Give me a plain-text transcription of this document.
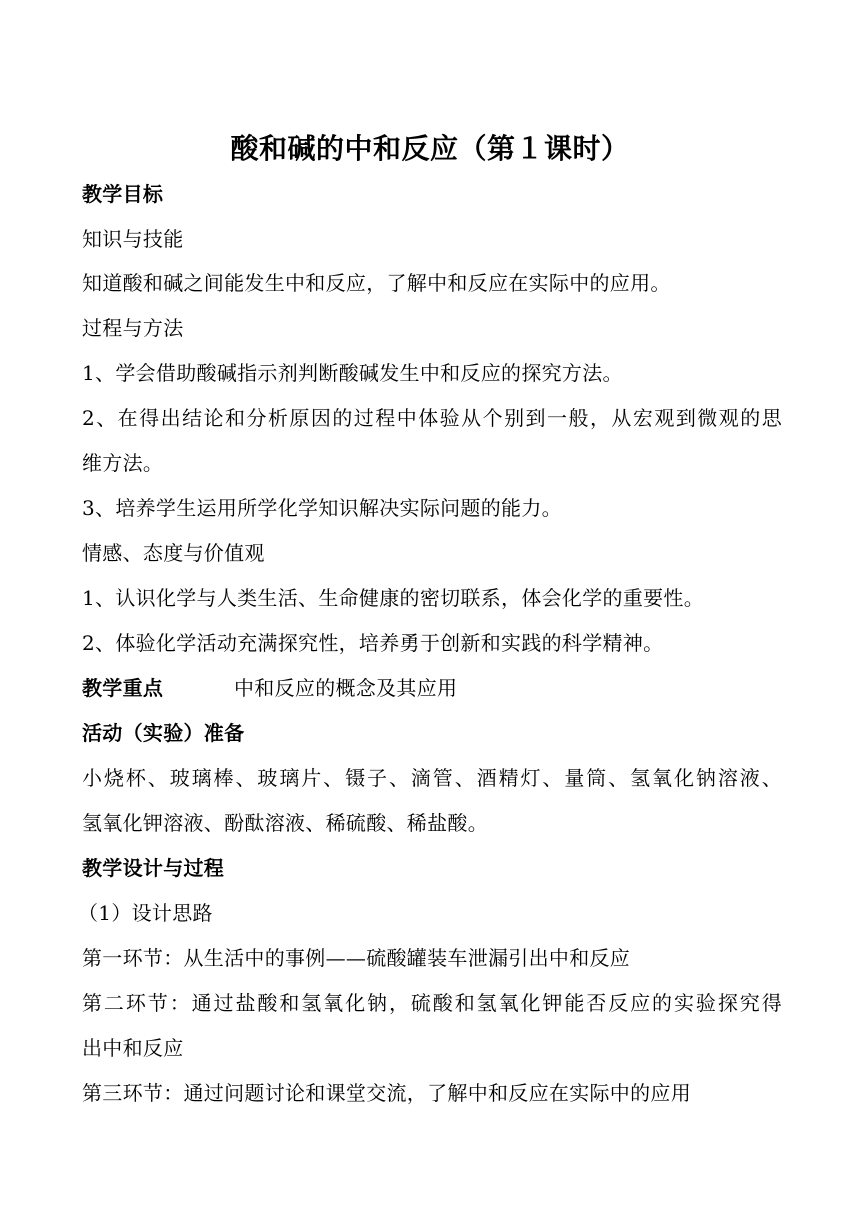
酸和碱的中和反应（第１课时）
教学目标
知识与技能
知道酸和碱之间能发生中和反应，了解中和反应在实际中的应用。
过程与方法
1、学会借助酸碱指示剂判断酸碱发生中和反应的探究方法。
2、在得出结论和分析原因的过程中体验从个别到一般，从宏观到微观的思
维方法。
3、培养学生运用所学化学知识解决实际问题的能力。
情感、态度与价值观
1、认识化学与人类生活、生命健康的密切联系，体会化学的重要性。
2、体验化学活动充满探究性，培养勇于创新和实践的科学精神。
教学重点	中和反应的概念及其应用
活动（实验）准备
小烧杯、玻璃棒、玻璃片、镊子、滴管、酒精灯、量筒、氢氧化钠溶液、
氢氧化钾溶液、酚酞溶液、稀硫酸、稀盐酸。
教学设计与过程
（1）设计思路
第一环节：从生活中的事例——硫酸罐装车泄漏引出中和反应
第二环节：通过盐酸和氢氧化钠，硫酸和氢氧化钾能否反应的实验探究得
出中和反应
第三环节：通过问题讨论和课堂交流，了解中和反应在实际中的应用
